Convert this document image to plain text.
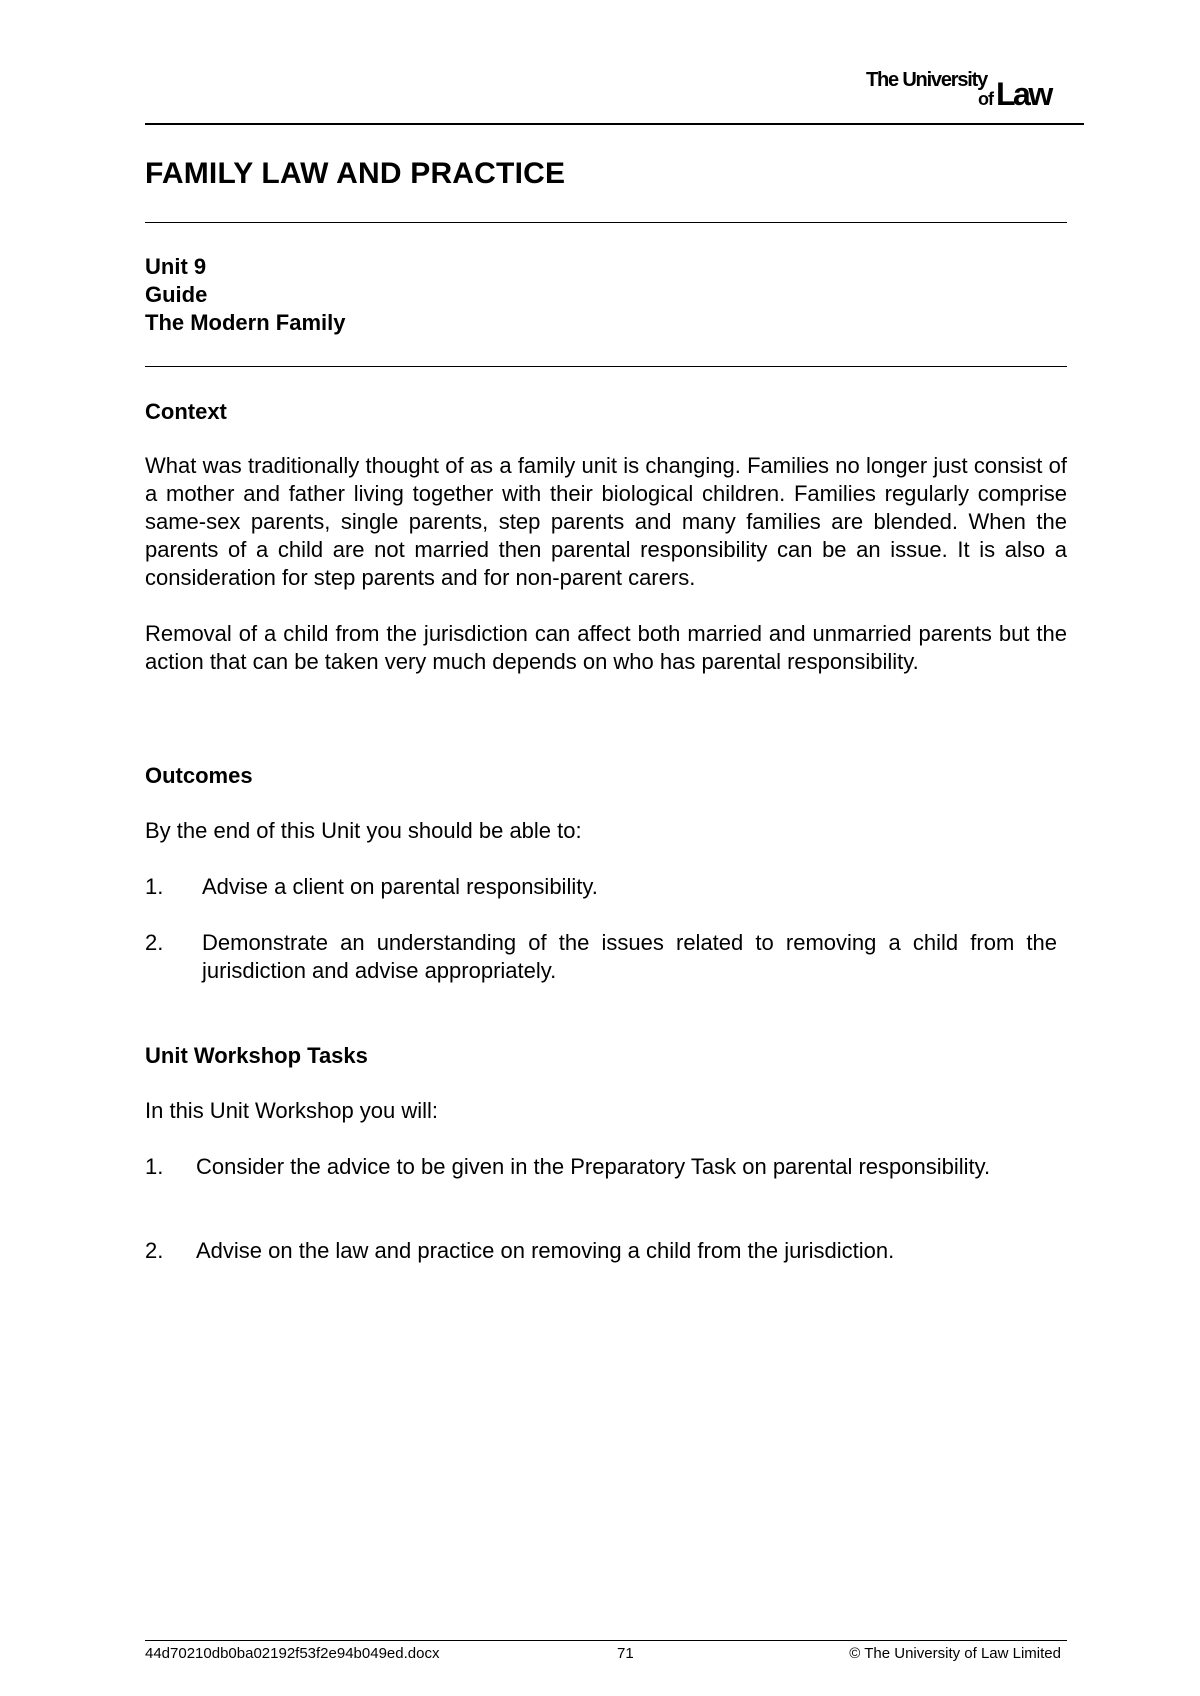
The University
of Law
FAMILY LAW AND PRACTICE
Unit 9
Guide
The Modern Family
Context
What was traditionally thought of as a family unit is changing. Families no longer just consist of a mother and father living together with their biological children. Families regularly comprise same-sex parents, single parents, step parents and many families are blended. When the parents of a child are not married then parental responsibility can be an issue. It is also a consideration for step parents and for non-parent carers.
Removal of a child from the jurisdiction can affect both married and unmarried parents but the action that can be taken very much depends on who has parental responsibility.
Outcomes
By the end of this Unit you should be able to:
1.	Advise a client on parental responsibility.
2.	Demonstrate an understanding of the issues related to removing a child from the jurisdiction and advise appropriately.
Unit Workshop Tasks
In this Unit Workshop you will:
1.	Consider the advice to be given in the Preparatory Task on parental responsibility.
2.	Advise on the law and practice on removing a child from the jurisdiction.
44d70210db0ba02192f53f2e94b049ed.docx	71	© The University of Law Limited
